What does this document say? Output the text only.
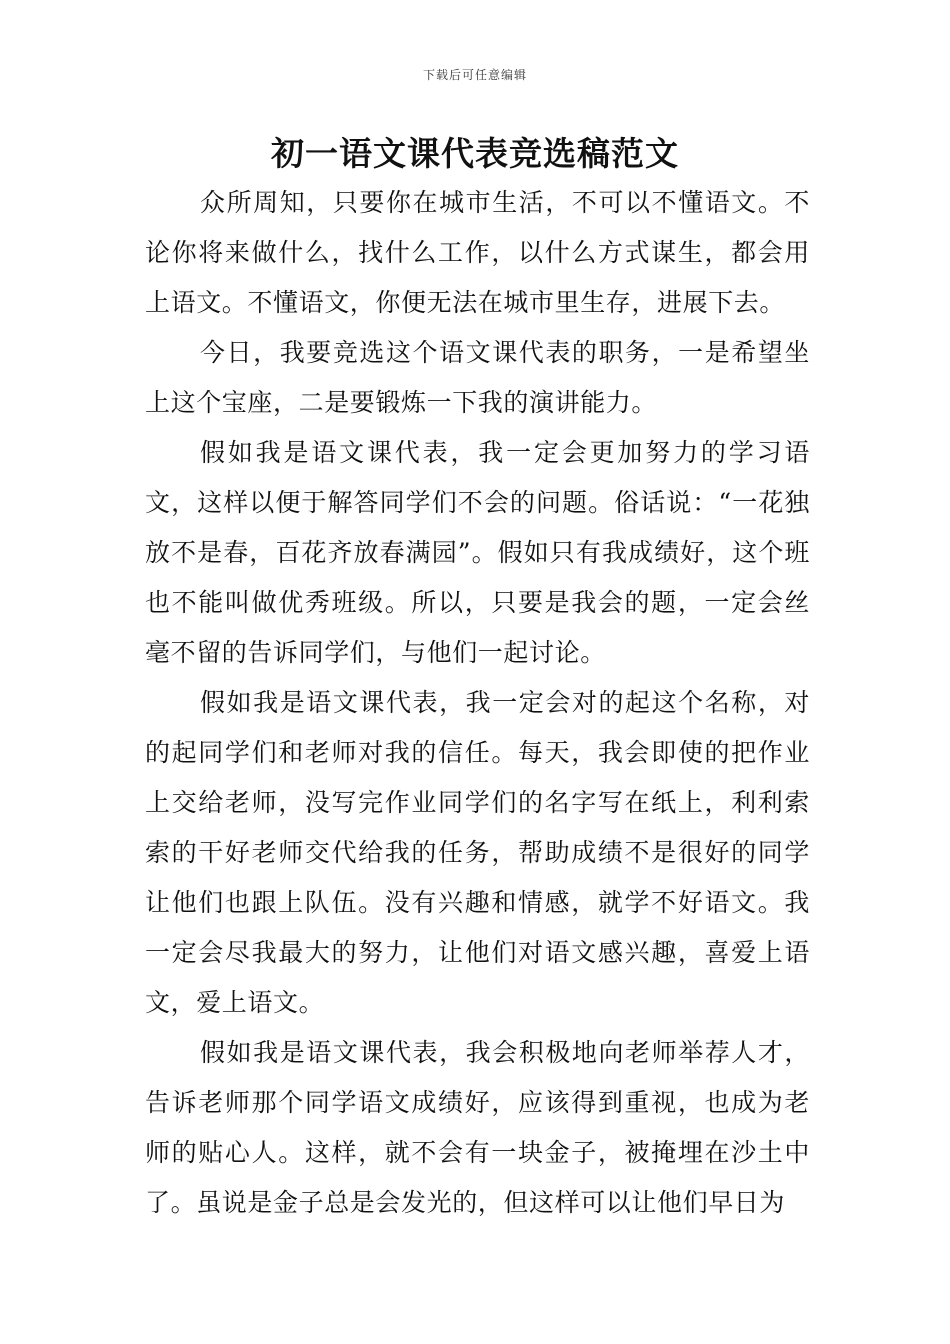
下载后可任意编辑
初一语文课代表竞选稿范文

众所周知，只要你在城市生活，不可以不懂语文。不论你将来做什么，找什么工作，以什么方式谋生，都会用上语文。不懂语文，你便无法在城市里生存，进展下去。

今日，我要竞选这个语文课代表的职务，一是希望坐上这个宝座，二是要锻炼一下我的演讲能力。

假如我是语文课代表，我一定会更加努力的学习语文，这样以便于解答同学们不会的问题。俗话说：“一花独放不是春，百花齐放春满园”。假如只有我成绩好，这个班也不能叫做优秀班级。所以，只要是我会的题，一定会丝毫不留的告诉同学们，与他们一起讨论。

假如我是语文课代表，我一定会对的起这个名称，对的起同学们和老师对我的信任。每天，我会即使的把作业上交给老师，没写完作业同学们的名字写在纸上，利利索索的干好老师交代给我的任务，帮助成绩不是很好的同学让他们也跟上队伍。没有兴趣和情感，就学不好语文。我一定会尽我最大的努力，让他们对语文感兴趣，喜爱上语文，爱上语文。

假如我是语文课代表，我会积极地向老师举荐人才，告诉老师那个同学语文成绩好，应该得到重视，也成为老师的贴心人。这样，就不会有一块金子，被掩埋在沙土中了。虽说是金子总是会发光的，但这样可以让他们早日为
